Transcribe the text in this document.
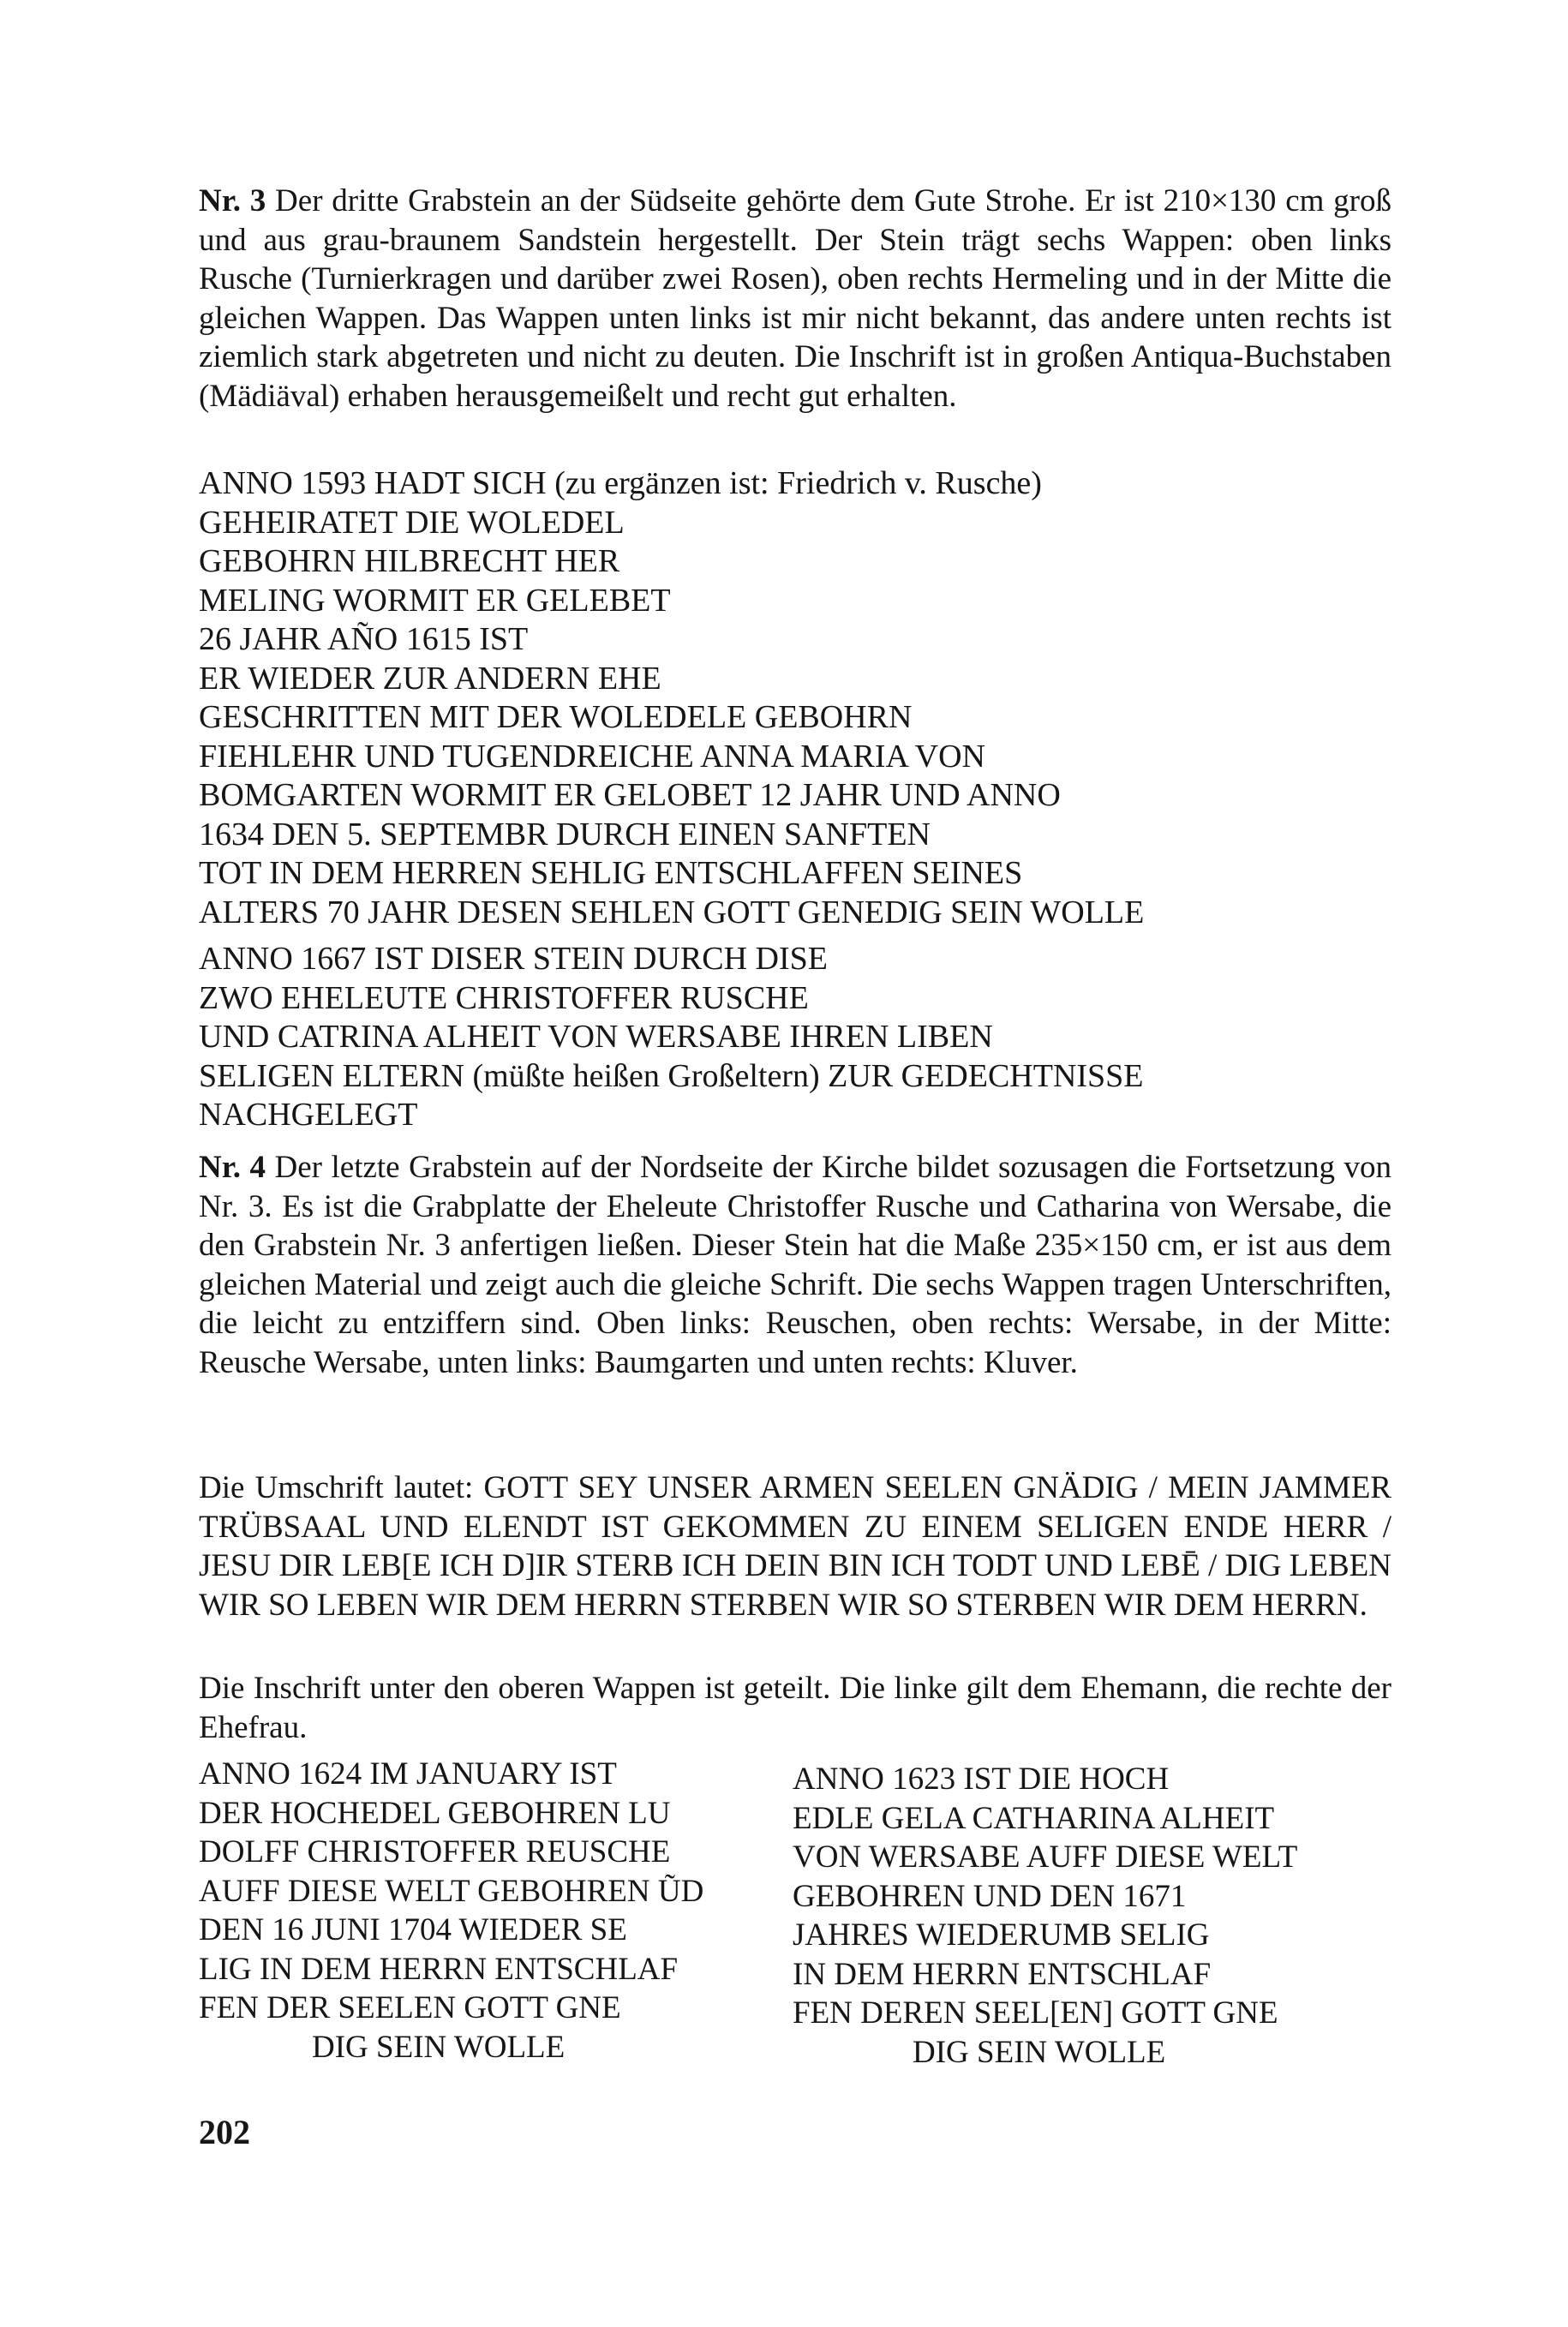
Nr. 3 Der dritte Grabstein an der Südseite gehörte dem Gute Strohe. Er ist 210×130 cm groß und aus grau-braunem Sandstein hergestellt. Der Stein trägt sechs Wappen: oben links Rusche (Turnierkragen und darüber zwei Rosen), oben rechts Hermeling und in der Mitte die gleichen Wappen. Das Wappen unten links ist mir nicht bekannt, das andere unten rechts ist ziemlich stark abgetreten und nicht zu deuten. Die Inschrift ist in großen Antiqua-Buchstaben (Mädiäval) erhaben herausgemeißelt und recht gut erhalten.

ANNO 1593 HADT SICH (zu ergänzen ist: Friedrich v. Rusche)
GEHEIRATET DIE WOLEDEL
GEBOHRN HILBRECHT HER
MELING WORMIT ER GELEBET
26 JAHR AÑO 1615 IST
ER WIEDER ZUR ANDERN EHE
GESCHRITTEN MIT DER WOLEDELE GEBOHRN
FIEHLEHR UND TUGENDREICHE ANNA MARIA VON
BOMGARTEN WORMIT ER GELOBET 12 JAHR UND ANNO
1634 DEN 5. SEPTEMBR DURCH EINEN SANFTEN
TOT IN DEM HERREN SEHLIG ENTSCHLAFFEN SEINES
ALTERS 70 JAHR DESEN SEHLEN GOTT GENEDIG SEIN WOLLE
ANNO 1667 IST DISER STEIN DURCH DISE
ZWO EHELEUTE CHRISTOFFER RUSCHE
UND CATRINA ALHEIT VON WERSABE IHREN LIBEN
SELIGEN ELTERN (müßte heißen Großeltern) ZUR GEDECHTNISSE
NACHGELEGT

Nr. 4 Der letzte Grabstein auf der Nordseite der Kirche bildet sozusagen die Fortsetzung von Nr. 3. Es ist die Grabplatte der Eheleute Christoffer Rusche und Catharina von Wersabe, die den Grabstein Nr. 3 anfertigen ließen. Dieser Stein hat die Maße 235×150 cm, er ist aus dem gleichen Material und zeigt auch die gleiche Schrift. Die sechs Wappen tragen Unterschriften, die leicht zu entziffern sind. Oben links: Reuschen, oben rechts: Wersabe, in der Mitte: Reusche Wersabe, unten links: Baumgarten und unten rechts: Kluver.

Die Umschrift lautet: GOTT SEY UNSER ARMEN SEELEN GNÄDIG / MEIN JAMMER TRÜBSAAL UND ELENDT IST GEKOMMEN ZU EINEM SELIGEN ENDE HERR / JESU DIR LEB[E ICH D]IR STERB ICH DEIN BIN ICH TODT UND LEBĒ / DIG LEBEN WIR SO LEBEN WIR DEM HERRN STERBEN WIR SO STERBEN WIR DEM HERRN.

Die Inschrift unter den oberen Wappen ist geteilt. Die linke gilt dem Ehemann, die rechte der Ehefrau.

ANNO 1624 IM JANUARY IST
DER HOCHEDEL GEBOHREN LU
DOLFF CHRISTOFFER REUSCHE
AUFF DIESE WELT GEBOHREN ŨD
DEN 16 JUNI 1704 WIEDER SE
LIG IN DEM HERRN ENTSCHLAF
FEN DER SEELEN GOTT GNE
DIG SEIN WOLLE
ANNO 1623 IST DIE HOCH
EDLE GELA CATHARINA ALHEIT
VON WERSABE AUFF DIESE WELT
GEBOHREN UND DEN 1671
JAHRES WIEDERUMB SELIG
IN DEM HERRN ENTSCHLAF
FEN DEREN SEEL[EN] GOTT GNE
DIG SEIN WOLLE
202
